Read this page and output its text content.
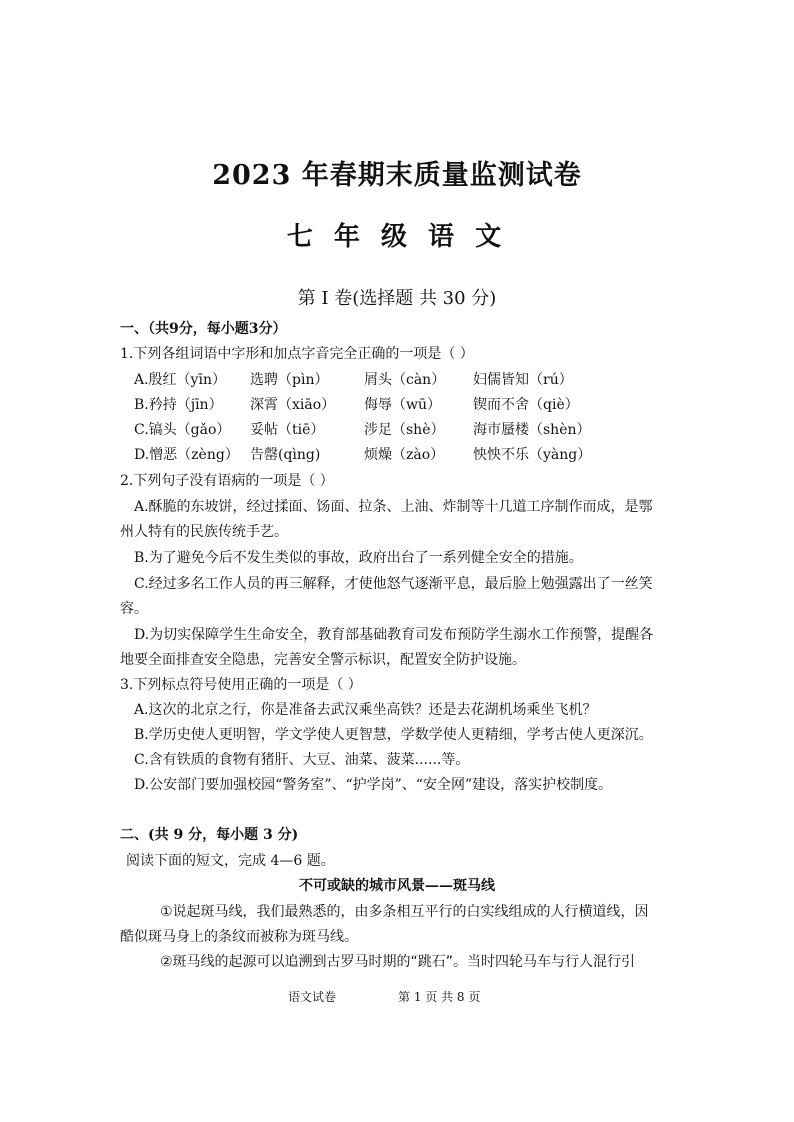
2023 年春期末质量监测试卷
七 年 级 语 文
第 I 卷(选择题 共 30 分)
一、（共9分，每小题3分）
1.下列各组词语中字形和加点字音完全正确的一项是（ ）
A.殷红（yīn） 选聘（pìn）	屑头（càn） 妇儒皆知（rú）
B.矜持（jīn） 深霄（xiāo） 侮辱（wū） 锲而不舍（qiè）
C.镐头（gǎo） 妥帖（tiē）	涉足（shè） 海市蜃楼（shèn）
D.憎恶（zèng） 告罄(qìng)	烦燥（zào） 怏怏不乐（yàng）
2.下列句子没有语病的一项是（ ）
A.酥脆的东坡饼，经过揉面、饧面、拉条、上油、炸制等十几道工序制作而成，是鄂
州人特有的民族传统手艺。
B.为了避免今后不发生类似的事故，政府出台了一系列健全安全的措施。
C.经过多名工作人员的再三解释，才使他怒气逐渐平息，最后脸上勉强露出了一丝笑
容。
D.为切实保障学生生命安全，教育部基础教育司发布预防学生溺水工作预警，提醒各
地要全面排查安全隐患，完善安全警示标识，配置安全防护设施。
3.下列标点符号使用正确的一项是（ ）
A.这次的北京之行，你是准备去武汉乘坐高铁？还是去花湖机场乘坐飞机？
B.学历史使人更明智，学文学使人更智慧，学数学使人更精细，学考古使人更深沉。
C.含有铁质的食物有猪肝、大豆、油菜、菠菜......等。
D.公安部门要加强校园“警务室”、“护学岗”、“安全网”建设，落实护校制度。
二、(共 9 分，每小题 3 分)
阅读下面的短文，完成 4—6 题。
不可或缺的城市风景——斑马线
①说起斑马线，我们最熟悉的，由多条相互平行的白实线组成的人行横道线，因
酷似斑马身上的条纹而被称为斑马线。
②斑马线的起源可以追溯到古罗马时期的“跳石”。当时四轮马车与行人混行引
语文试卷	第 1 页 共 8 页
